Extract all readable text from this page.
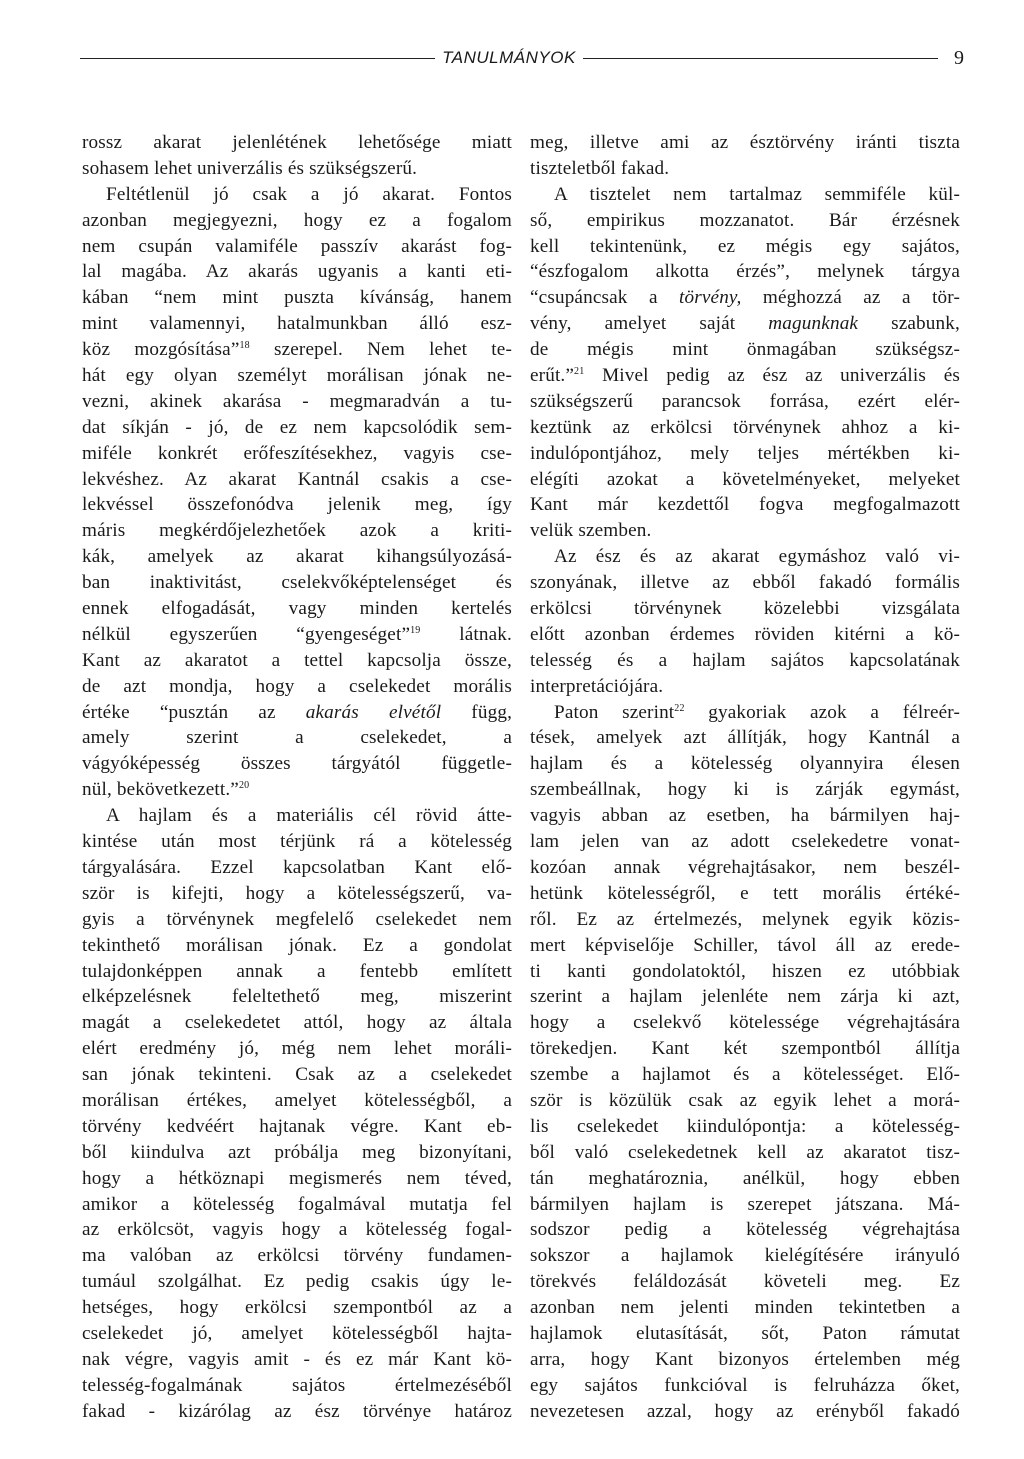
TANULMÁNYOK	9
rossz akarat jelenlétének lehetősége miatt
sohasem lehet univerzális és szükségszerű.
Feltétlenül jó csak a jó akarat. Fontos
azonban megjegyezni, hogy ez a fogalom
nem csupán valamiféle passzív akarást fog-
lal magába. Az akarás ugyanis a kanti eti-
kában “nem mint puszta kívánság, hanem
mint valamennyi, hatalmunkban álló esz-
köz mozgósítása”$^{18}$ szerepel. Nem lehet te-
hát egy olyan személyt morálisan jónak ne-
vezni, akinek akarása - megmaradván a tu-
dat síkján - jó, de ez nem kapcsolódik sem-
miféle konkrét erőfeszítésekhez, vagyis cse-
lekvéshez. Az akarat Kantnál csakis a cse-
lekvéssel összefonódva jelenik meg, így
máris megkérdőjelezhetőek azok a kriti-
kák, amelyek az akarat kihangsúlyozásá-
ban inaktivitást, cselekvőképtelenséget és
ennek elfogadását, vagy minden kertelés
nélkül egyszerűen “gyengeséget”$^{19}$ látnak.
Kant az akaratot a tettel kapcsolja össze,
de azt mondja, hogy a cselekedet morális
értéke “pusztán az akarás elvétől függ,
amely szerint a cselekedet, a
vágyóképesség összes tárgyától függetle-
nül, bekövetkezett.”$^{20}$
A hajlam és a materiális cél rövid átte-
kintése után most térjünk rá a kötelesség
tárgyalására. Ezzel kapcsolatban Kant elő-
ször is kifejti, hogy a kötelességszerű, va-
gyis a törvénynek megfelelő cselekedet nem
tekinthető morálisan jónak. Ez a gondolat
tulajdonképpen annak a fentebb említett
elképzelésnek feleltethető meg, miszerint
magát a cselekedetet attól, hogy az általa
elért eredmény jó, még nem lehet moráli-
san jónak tekinteni. Csak az a cselekedet
morálisan értékes, amelyet kötelességből, a
törvény kedvéért hajtanak végre. Kant eb-
ből kiindulva azt próbálja meg bizonyítani,
hogy a hétköznapi megismerés nem téved,
amikor a kötelesség fogalmával mutatja fel
az erkölcsöt, vagyis hogy a kötelesség fogal-
ma valóban az erkölcsi törvény fundamen-
tumául szolgálhat. Ez pedig csakis úgy le-
hetséges, hogy erkölcsi szempontból az a
cselekedet jó, amelyet kötelességből hajta-
nak végre, vagyis amit - és ez már Kant kö-
telesség-fogalmának sajátos értelmezéséből
fakad - kizárólag az ész törvénye határoz
meg, illetve ami az észtörvény iránti tiszta
tiszteletből fakad.
A tisztelet nem tartalmaz semmiféle kül-
ső, empirikus mozzanatot. Bár érzésnek
kell tekintenünk, ez mégis egy sajátos,
“észfogalom alkotta érzés”, melynek tárgya
“csupáncsak a törvény, méghozzá az a tör-
vény, amelyet saját magunknak szabunk,
de mégis mint önmagában szükségsz-
erűt.”$^{21}$ Mivel pedig az ész az univerzális és
szükségszerű parancsok forrása, ezért elér-
keztünk az erkölcsi törvénynek ahhoz a ki-
indulópontjához, mely teljes mértékben ki-
elégíti azokat a követelményeket, melyeket
Kant már kezdettől fogva megfogalmazott
velük szemben.
Az ész és az akarat egymáshoz való vi-
szonyának, illetve az ebből fakadó formális
erkölcsi törvénynek közelebbi vizsgálata
előtt azonban érdemes röviden kitérni a kö-
telesség és a hajlam sajátos kapcsolatának
interpretációjára.
Paton szerint$^{22}$ gyakoriak azok a félreér-
tések, amelyek azt állítják, hogy Kantnál a
hajlam és a kötelesség olyannyira élesen
szembeállnak, hogy ki is zárják egymást,
vagyis abban az esetben, ha bármilyen haj-
lam jelen van az adott cselekedetre vonat-
kozóan annak végrehajtásakor, nem beszél-
hetünk kötelességről, e tett morális értéké-
ről. Ez az értelmezés, melynek egyik közis-
mert képviselője Schiller, távol áll az erede-
ti kanti gondolatoktól, hiszen ez utóbbiak
szerint a hajlam jelenléte nem zárja ki azt,
hogy a cselekvő kötelessége végrehajtására
törekedjen. Kant két szempontból állítja
szembe a hajlamot és a kötelességet. Elő-
ször is közülük csak az egyik lehet a morá-
lis cselekedet kiindulópontja: a kötelesség-
ből való cselekedetnek kell az akaratot tisz-
tán meghatároznia, anélkül, hogy ebben
bármilyen hajlam is szerepet játszana. Má-
sodszor pedig a kötelesség végrehajtása
sokszor a hajlamok kielégítésére irányuló
törekvés feláldozását követeli meg. Ez
azonban nem jelenti minden tekintetben a
hajlamok elutasítását, sőt, Paton rámutat
arra, hogy Kant bizonyos értelemben még
egy sajátos funkcióval is felruházza őket,
nevezetesen azzal, hogy az erényből fakadó
